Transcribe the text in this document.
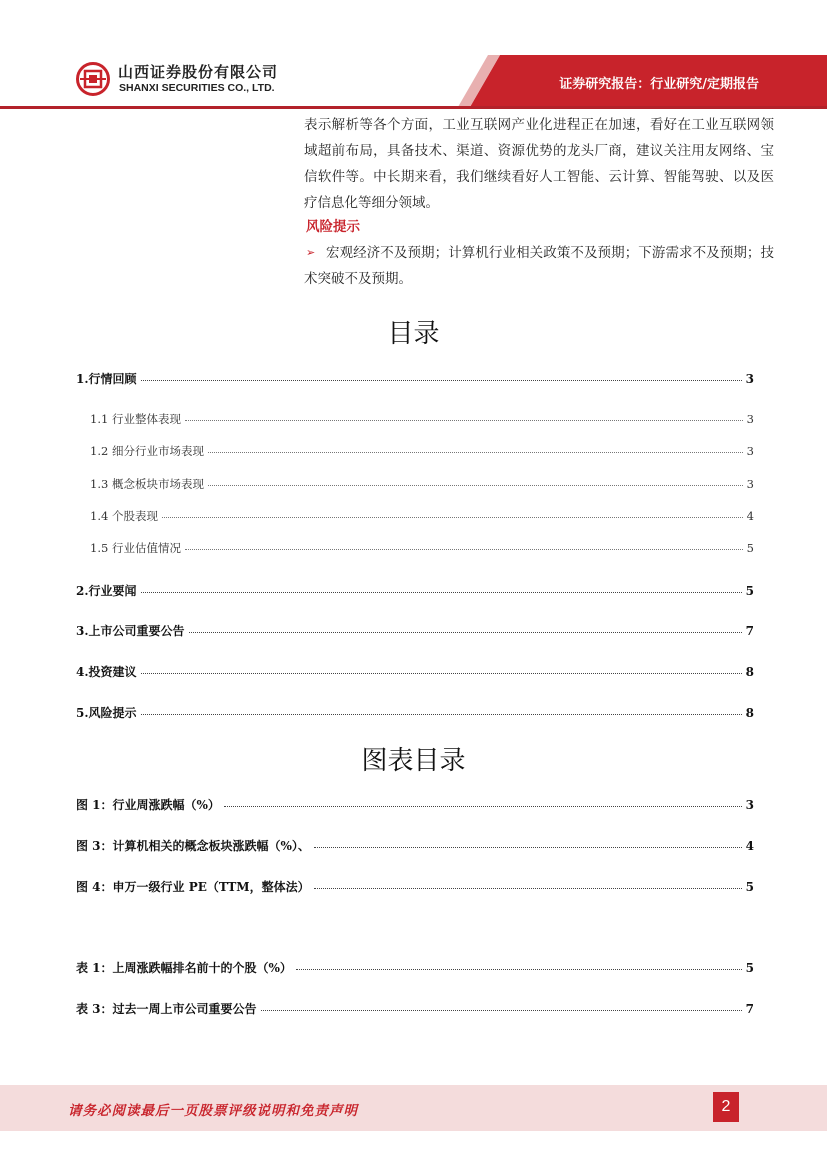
山西证券股份有限公司
SHANXI SECURITIES CO., LTD.	证券研究报告：行业研究/定期报告
表示解析等各个方面，工业互联网产业化进程正在加速，看好在工业互联网领域超前布局，具备技术、渠道、资源优势的龙头厂商，建议关注用友网络、宝信软件等。中长期来看，我们继续看好人工智能、云计算、智能驾驶、以及医疗信息化等细分领域。
风险提示
➢ 宏观经济不及预期；计算机行业相关政策不及预期；下游需求不及预期；技术突破不及预期。
目录
1.行情回顾	3
1.1 行业整体表现	3
1.2 细分行业市场表现	3
1.3 概念板块市场表现	3
1.4 个股表现	4
1.5 行业估值情况	5
2.行业要闻	5
3.上市公司重要公告	7
4.投资建议	8
5.风险提示	8
图表目录
图 1：行业周涨跌幅（%）	3
图 3：计算机相关的概念板块涨跌幅（%）、	4
图 4：申万一级行业 PE（TTM，整体法）	5
表 1：上周涨跌幅排名前十的个股（%）	5
表 3：过去一周上市公司重要公告	7
请务必阅读最后一页股票评级说明和免责声明	2
